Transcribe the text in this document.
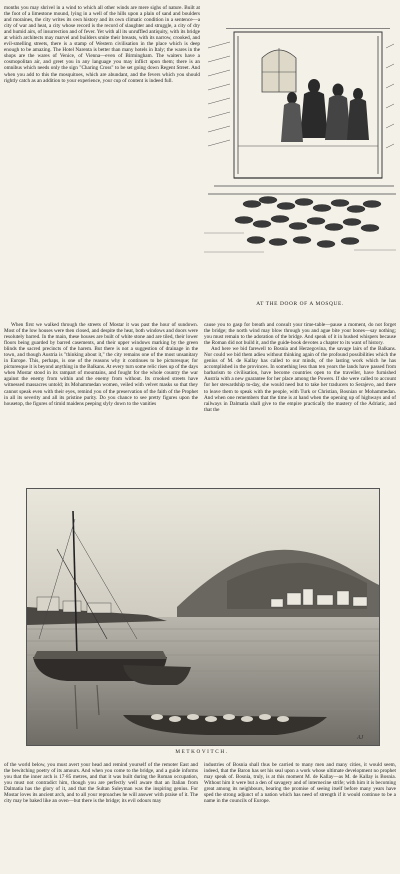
months you may shrivel in a wind to which all other winds are mere sighs of nature. Built at the foot of a limestone mound, lying in a well of the hills upon a plain of sand and boulders and moraines, the city writes its own history and its own climatic condition in a sentence—a city of war and heat, a city whose record is the record of slaughter and struggle, a city of dry and humid airs, of insurrection and of fever. Yet with all its unruffled antiquity, with its bridge at which architects may marvel and builders smite their breasts, with its narrow, crooked, and evil-smelling streets, there is a stamp of Western civilisation in the place which is deep enough to be amazing. The Hotel Narenta is better than many hotels in Italy; the wares in the shops are the wares of Venice, of Vienna—even of Birmingham. The waiters have a cosmopolitan air, and greet you in any language you may inflict upon them; there is an omnibus which needs only the sign "Charing Cross" to be set going down Regent Street. And when you add to this the mosquitoes, which are abundant, and the fevers which you should rightly catch as an addition to your experience, your cup of content is indeed full.

AT THE DOOR OF A MOSQUE.

When first we walked through the streets of Mostar it was past the hour of sundown. Most of the low houses were then closed, and despite the heat, both windows and doors were resolutely barred. In the main, these houses are built of white stone and are tiled, their lower floors being guarded by barred casements, and their upper windows marking by the green blinds the sacred precincts of the harem. But there is not a suggestion of drainage in the town, and though Austria is "thinking about it," the city remains one of the most unsanitary in Europe. This, perhaps, is one of the reasons why it continues to be picturesque; for picturesque it is beyond anything in the Balkans. At every turn some relic rises up of the days when Mostar stood in its rampart of mountains, and fought for the whole country the war against the enemy from within and the enemy from without. Its crooked streets have witnessed massacres untold; its Mohammedan women, veiled with velvet masks so that they cannot speak even with their eyes, remind you of the preservation of the faith of the Prophet in all its severity and all its pristine purity. Do you chance to see pretty figures upon the housetop, the figures of timid maidens peeping slyly down to the vanities

cause you to gasp for breath and consult your time-table—pause a moment, do not forget the bridge; the north wind may blow through you and ague bite your bones—say nothing; you must remain to the adoration of the bridge. And speak of it in hushed whispers because the Roman did not build it, and the guide-book devotes a chapter to its want of history.

And here we bid farewell to Bosnia and Herzegovina, the savage lairs of the Balkans. Nor could we bid them adieu without thinking again of the profound possibilities which the genius of M. de Kallay has called to our minds, of the lasting work which he has accomplished in the provinces. In something less than ten years the lands have passed from barbarism to civilisation, have become countries open to the traveller, have furnished Austria with a new guarantee for her place among the Powers. If she were called to account for her stewardship to-day, she would need but to take her traducers to Serajevo, and there to leave them to speak with the people, with Turk or Christian, Bosnian or Mohammedan. And when one remembers that the time is at hand when the opening up of highways and of railways in Dalmatia shall give to the empire practically the mastery of the Adriatic, and that the

AJ
METKOVITCH.

of the world below, you must avert your head and remind yourself of the remoter East and the bewitching poetry of its amours. And when you come to the bridge, and a guide informs you that the inner arch is 17·85 metres, and that it was built during the Roman occupation, you must not contradict him, though you are perfectly well aware that an Italian from Dalmatia has the glory of it, and that the Sultan Suleyman was the inspiring genius. For Mostar loves its ancient arch, and to all your reproaches he will answer with praise of it. The city may be baked like an oven—but there is the bridge; its evil odours may

industries of Bosnia shall thus be carried to many men and many cities, it would seem, indeed, that the Baron has set his seal upon a work whose ultimate development no prophet may speak of. Bosnia, truly, is at this moment M. de Kallay—as M. de Kallay is Bosnia. Without him it were but a den of savagery and of internecine strife; with him it is becoming great among its neighbours, bearing the promise of seeing itself before many years have sped the strong adjunct of a nation which has need of strength if it would continue to be a name in the councils of Europe.
